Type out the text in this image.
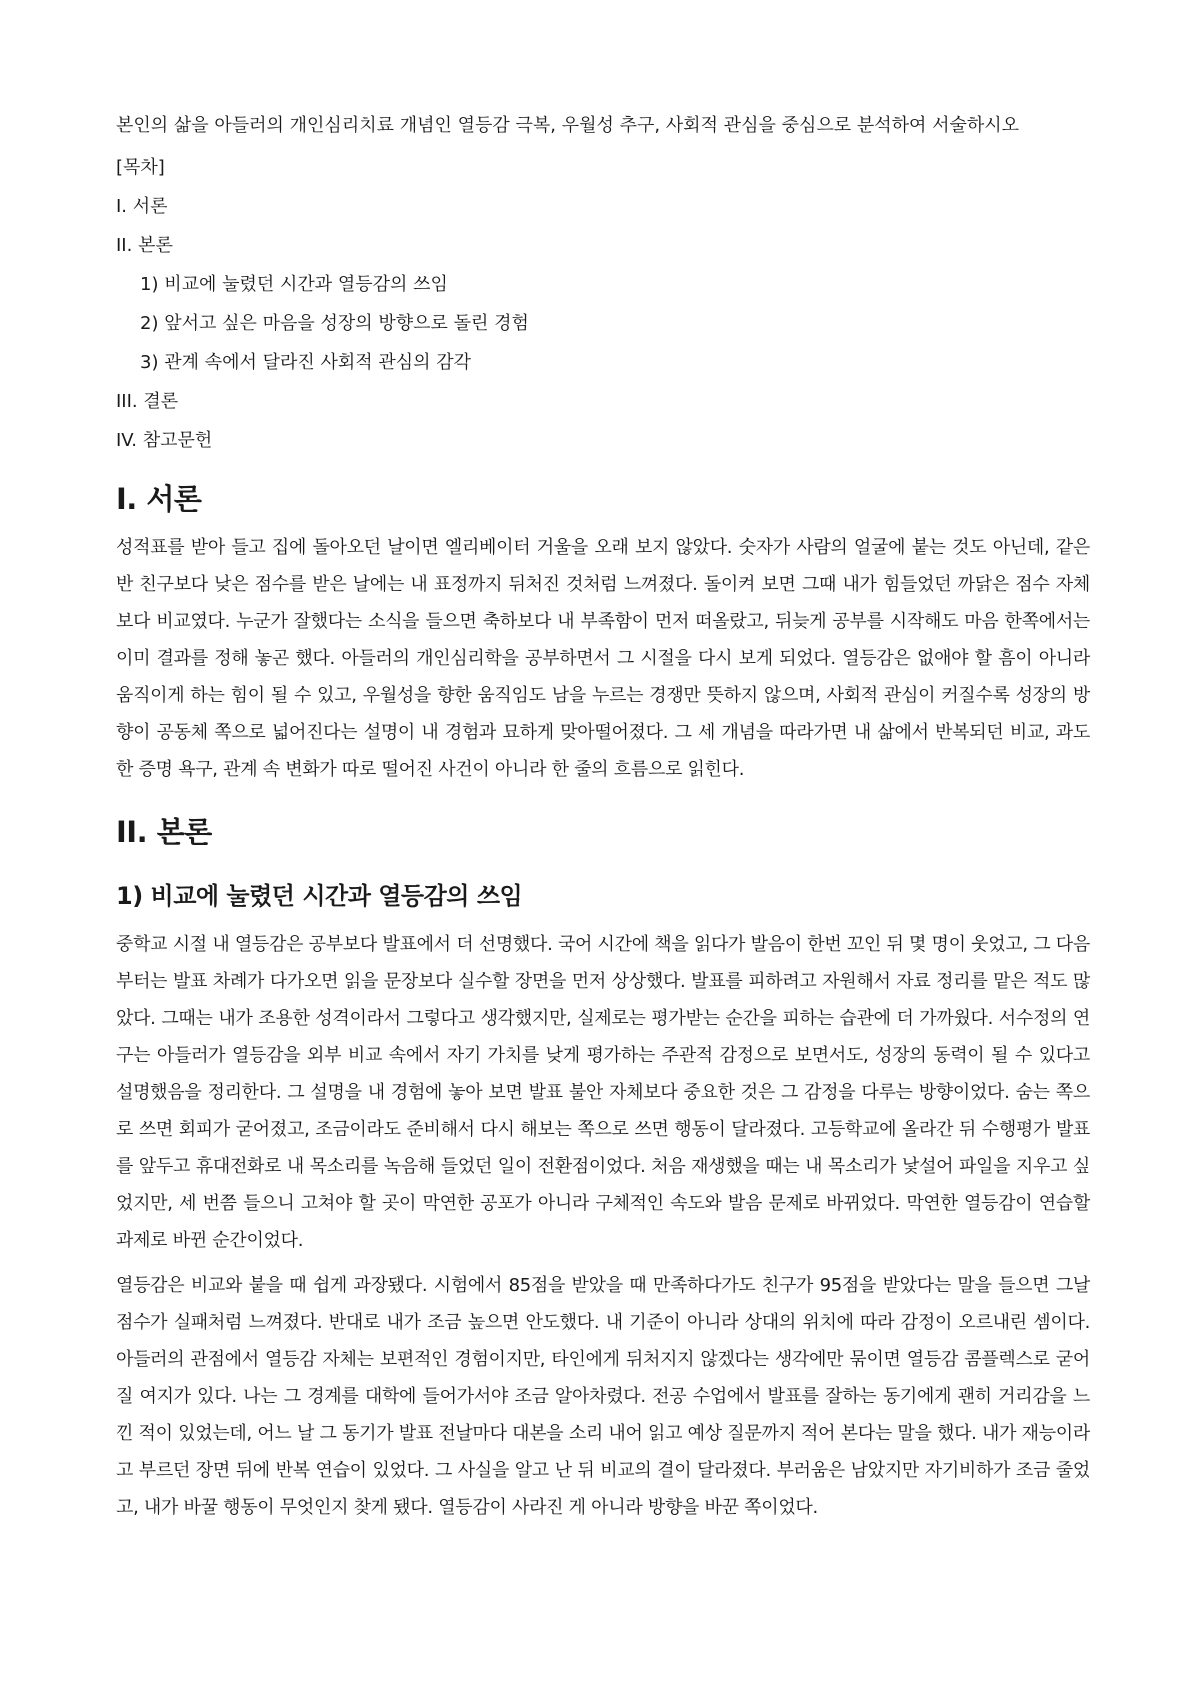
본인의 삶을 아들러의 개인심리치료 개념인 열등감 극복, 우월성 추구, 사회적 관심을 중심으로 분석하여 서술하시오

[목차]
I. 서론
II. 본론
1) 비교에 눌렸던 시간과 열등감의 쓰임
2) 앞서고 싶은 마음을 성장의 방향으로 돌린 경험
3) 관계 속에서 달라진 사회적 관심의 감각
III. 결론
IV. 참고문헌
I. 서론

성적표를 받아 들고 집에 돌아오던 날이면 엘리베이터 거울을 오래 보지 않았다. 숫자가 사람의 얼굴에 붙는 것도 아닌데, 같은 반 친구보다 낮은 점수를 받은 날에는 내 표정까지 뒤처진 것처럼 느껴졌다. 돌이켜 보면 그때 내가 힘들었던 까닭은 점수 자체보다 비교였다. 누군가 잘했다는 소식을 들으면 축하보다 내 부족함이 먼저 떠올랐고, 뒤늦게 공부를 시작해도 마음 한쪽에서는 이미 결과를 정해 놓곤 했다. 아들러의 개인심리학을 공부하면서 그 시절을 다시 보게 되었다. 열등감은 없애야 할 흠이 아니라 움직이게 하는 힘이 될 수 있고, 우월성을 향한 움직임도 남을 누르는 경쟁만 뜻하지 않으며, 사회적 관심이 커질수록 성장의 방향이 공동체 쪽으로 넓어진다는 설명이 내 경험과 묘하게 맞아떨어졌다. 그 세 개념을 따라가면 내 삶에서 반복되던 비교, 과도한 증명 욕구, 관계 속 변화가 따로 떨어진 사건이 아니라 한 줄의 흐름으로 읽힌다.

II. 본론
1) 비교에 눌렸던 시간과 열등감의 쓰임

중학교 시절 내 열등감은 공부보다 발표에서 더 선명했다. 국어 시간에 책을 읽다가 발음이 한번 꼬인 뒤 몇 명이 웃었고, 그 다음부터는 발표 차례가 다가오면 읽을 문장보다 실수할 장면을 먼저 상상했다. 발표를 피하려고 자원해서 자료 정리를 맡은 적도 많았다. 그때는 내가 조용한 성격이라서 그렇다고 생각했지만, 실제로는 평가받는 순간을 피하는 습관에 더 가까웠다. 서수정의 연구는 아들러가 열등감을 외부 비교 속에서 자기 가치를 낮게 평가하는 주관적 감정으로 보면서도, 성장의 동력이 될 수 있다고 설명했음을 정리한다. 그 설명을 내 경험에 놓아 보면 발표 불안 자체보다 중요한 것은 그 감정을 다루는 방향이었다. 숨는 쪽으로 쓰면 회피가 굳어졌고, 조금이라도 준비해서 다시 해보는 쪽으로 쓰면 행동이 달라졌다. 고등학교에 올라간 뒤 수행평가 발표를 앞두고 휴대전화로 내 목소리를 녹음해 들었던 일이 전환점이었다. 처음 재생했을 때는 내 목소리가 낯설어 파일을 지우고 싶었지만, 세 번쯤 들으니 고쳐야 할 곳이 막연한 공포가 아니라 구체적인 속도와 발음 문제로 바뀌었다. 막연한 열등감이 연습할 과제로 바뀐 순간이었다.

열등감은 비교와 붙을 때 쉽게 과장됐다. 시험에서 85점을 받았을 때 만족하다가도 친구가 95점을 받았다는 말을 들으면 그날 점수가 실패처럼 느껴졌다. 반대로 내가 조금 높으면 안도했다. 내 기준이 아니라 상대의 위치에 따라 감정이 오르내린 셈이다. 아들러의 관점에서 열등감 자체는 보편적인 경험이지만, 타인에게 뒤처지지 않겠다는 생각에만 묶이면 열등감 콤플렉스로 굳어질 여지가 있다. 나는 그 경계를 대학에 들어가서야 조금 알아차렸다. 전공 수업에서 발표를 잘하는 동기에게 괜히 거리감을 느낀 적이 있었는데, 어느 날 그 동기가 발표 전날마다 대본을 소리 내어 읽고 예상 질문까지 적어 본다는 말을 했다. 내가 재능이라고 부르던 장면 뒤에 반복 연습이 있었다. 그 사실을 알고 난 뒤 비교의 결이 달라졌다. 부러움은 남았지만 자기비하가 조금 줄었고, 내가 바꿀 행동이 무엇인지 찾게 됐다. 열등감이 사라진 게 아니라 방향을 바꾼 쪽이었다.
